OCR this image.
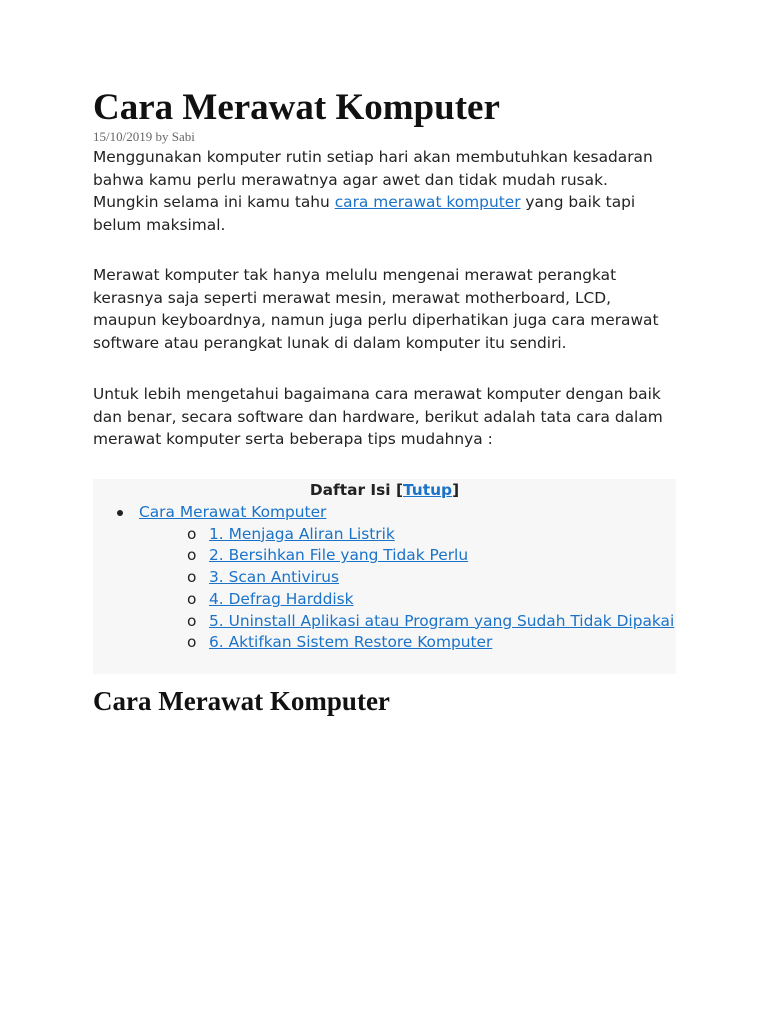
Cara Merawat Komputer
15/10/2019 by Sabi

Menggunakan komputer rutin setiap hari akan membutuhkan kesadaran bahwa kamu perlu merawatnya agar awet dan tidak mudah rusak. Mungkin selama ini kamu tahu cara merawat komputer yang baik tapi belum maksimal.

Merawat komputer tak hanya melulu mengenai merawat perangkat kerasnya saja seperti merawat mesin, merawat motherboard, LCD, maupun keyboardnya, namun juga perlu diperhatikan juga cara merawat software atau perangkat lunak di dalam komputer itu sendiri.

Untuk lebih mengetahui bagaimana cara merawat komputer dengan baik dan benar, secara software dan hardware, berikut adalah tata cara dalam merawat komputer serta beberapa tips mudahnya :

Daftar Isi [Tutup]
Cara Merawat Komputer
o 1. Menjaga Aliran Listrik
o 2. Bersihkan File yang Tidak Perlu
o 3. Scan Antivirus
o 4. Defrag Harddisk
o 5. Uninstall Aplikasi atau Program yang Sudah Tidak Dipakai
o 6. Aktifkan Sistem Restore Komputer
Cara Merawat Komputer
